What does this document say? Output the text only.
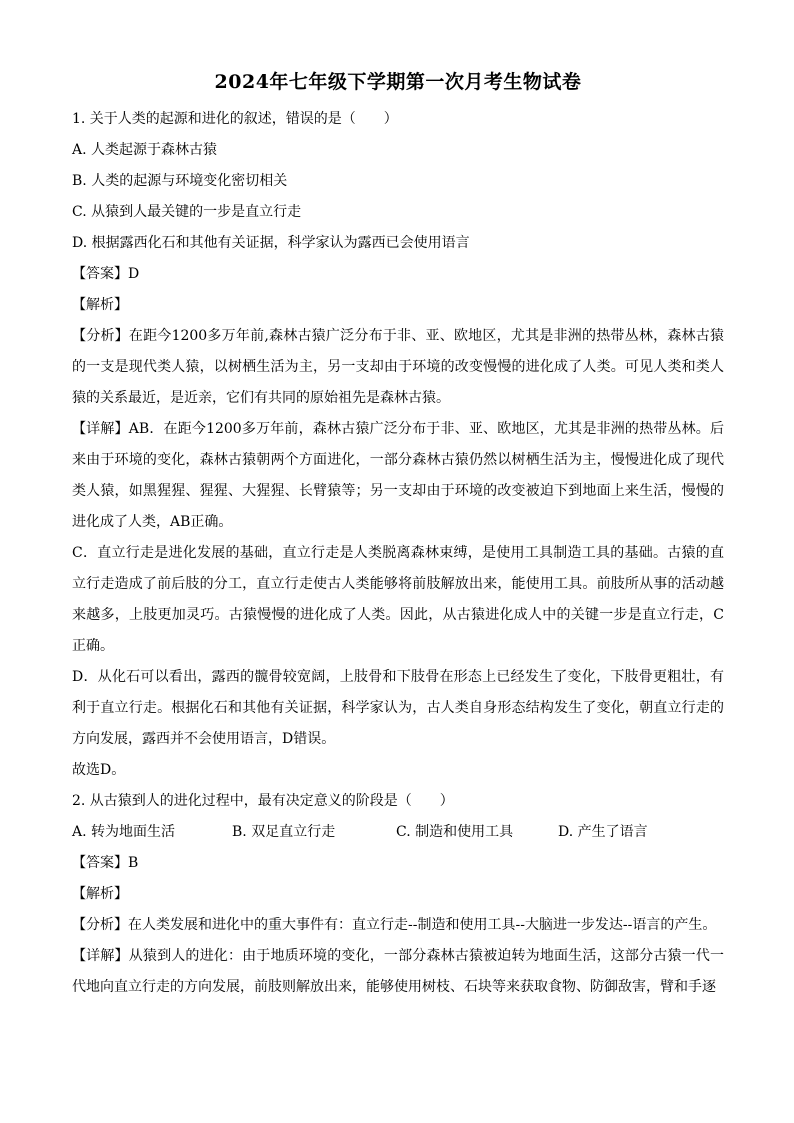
2024年七年级下学期第一次月考生物试卷

1. 关于人类的起源和进化的叙述，错误的是（　　）

A. 人类起源于森林古猿

B. 人类的起源与环境变化密切相关

C. 从猿到人最关键的一步是直立行走

D. 根据露西化石和其他有关证据，科学家认为露西已会使用语言

【答案】D

【解析】

【分析】在距今1200多万年前,森林古猿广泛分布于非、亚、欧地区，尤其是非洲的热带丛林，森林古猿的一支是现代类人猿，以树栖生活为主，另一支却由于环境的改变慢慢的进化成了人类。可见人类和类人猿的关系最近，是近亲，它们有共同的原始祖先是森林古猿。

【详解】AB．在距今1200多万年前，森林古猿广泛分布于非、亚、欧地区，尤其是非洲的热带丛林。后来由于环境的变化，森林古猿朝两个方面进化，一部分森林古猿仍然以树栖生活为主，慢慢进化成了现代类人猿，如黑猩猩、猩猩、大猩猩、长臂猿等；另一支却由于环境的改变被迫下到地面上来生活，慢慢的进化成了人类，AB正确。

C．直立行走是进化发展的基础，直立行走是人类脱离森林束缚，是使用工具制造工具的基础。古猿的直立行走造成了前后肢的分工，直立行走使古人类能够将前肢解放出来，能使用工具。前肢所从事的活动越来越多，上肢更加灵巧。古猿慢慢的进化成了人类。因此，从古猿进化成人中的关键一步是直立行走，C正确。

D．从化石可以看出，露西的髋骨较宽阔，上肢骨和下肢骨在形态上已经发生了变化，下肢骨更粗壮，有利于直立行走。根据化石和其他有关证据，科学家认为，古人类自身形态结构发生了变化，朝直立行走的方向发展，露西并不会使用语言，D错误。

故选D。

2. 从古猿到人的进化过程中，最有决定意义的阶段是（　　）

A. 转为地面生活	B. 双足直立行走	C. 制造和使用工具	D. 产生了语言

【答案】B

【解析】

【分析】在人类发展和进化中的重大事件有：直立行走--制造和使用工具--大脑进一步发达--语言的产生。

【详解】从猿到人的进化：由于地质环境的变化，一部分森林古猿被迫转为地面生活，这部分古猿一代一代地向直立行走的方向发展，前肢则解放出来，能够使用树枝、石块等来获取食物、防御敌害，臂和手逐
